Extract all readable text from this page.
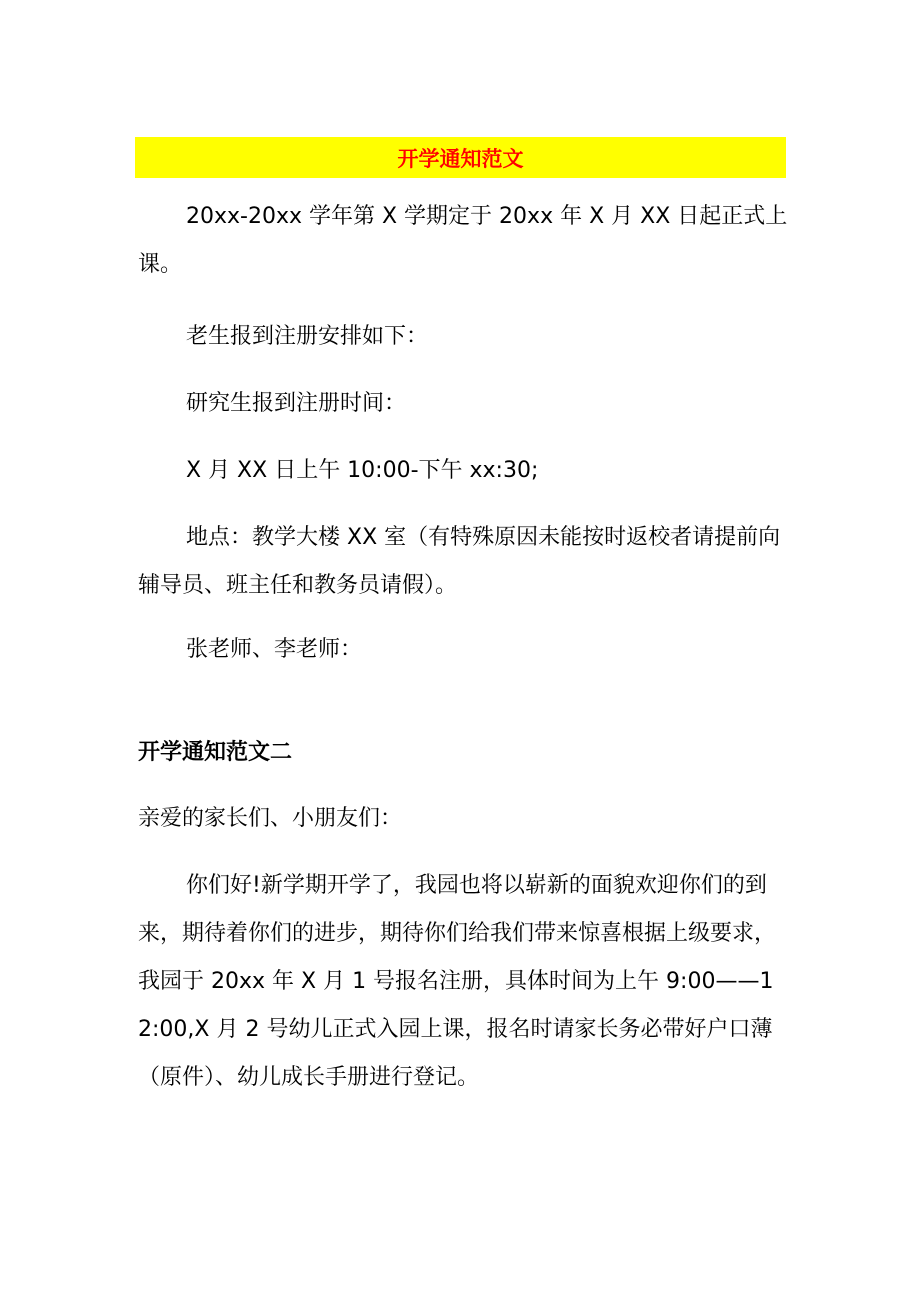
开学通知范文

20xx-20xx 学年第 X 学期定于 20xx 年 X 月 XX 日起正式上课。

老生报到注册安排如下：

研究生报到注册时间：

X 月 XX 日上午 10:00-下午 xx:30;

地点：教学大楼 XX 室（有特殊原因未能按时返校者请提前向辅导员、班主任和教务员请假）。

张老师、李老师：

开学通知范文二

亲爱的家长们、小朋友们：

你们好!新学期开学了，我园也将以崭新的面貌欢迎你们的到来，期待着你们的进步，期待你们给我们带来惊喜根据上级要求，我园于 20xx 年 X 月 1 号报名注册，具体时间为上午 9:00——12:00,X 月 2 号幼儿正式入园上课，报名时请家长务必带好户口薄（原件）、幼儿成长手册进行登记。
